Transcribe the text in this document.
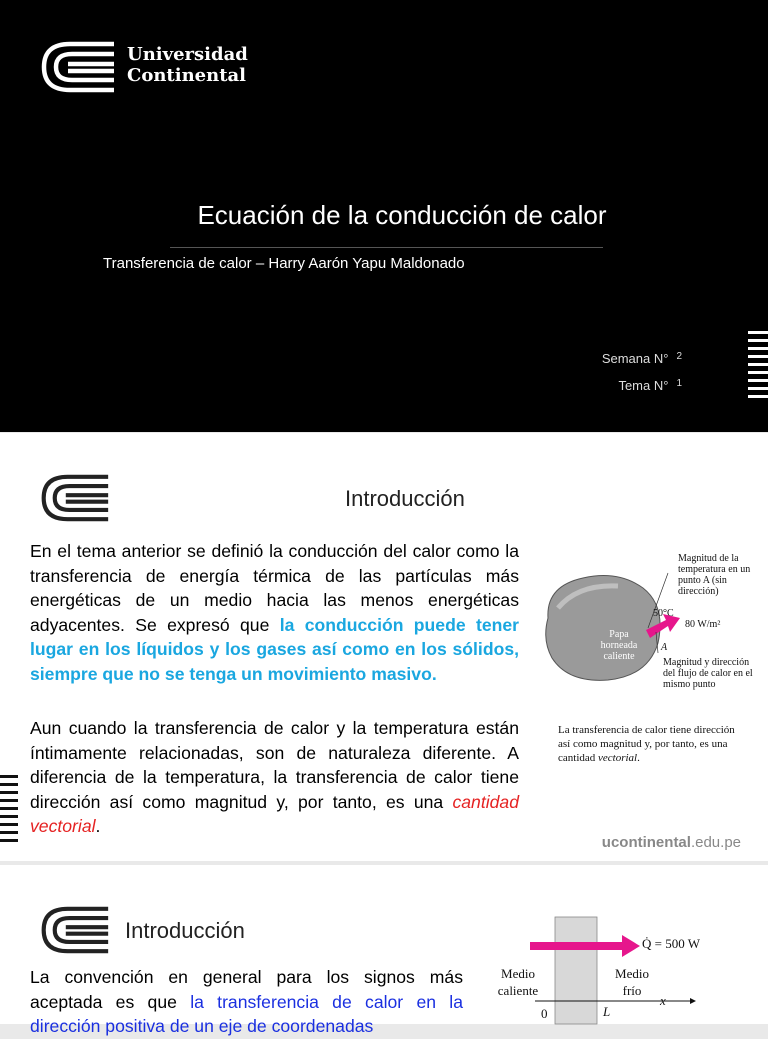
Universidad
Continental
Ecuación de la conducción de calor
Transferencia de calor – Harry Aarón Yapu Maldonado
Semana N° $^2$
Tema N° $^1$
Introducción
En el tema anterior se definió la conducción del calor como la transferencia de energía térmica de las partículas más energéticas de un medio hacia las menos energéticas adyacentes. Se expresó que la conducción puede tener lugar en los líquidos y los gases así como en los sólidos, siempre que no se tenga un movimiento masivo.
Aun cuando la transferencia de calor y la temperatura están íntimamente relacionadas, son de naturaleza diferente. A diferencia de la temperatura, la transferencia de calor tiene dirección así como magnitud y, por tanto, es una cantidad vectorial.
Papa horneada caliente
50°C
A
80 W/m²
Magnitud de la temperatura en un punto A (sin dirección)
Magnitud y dirección del flujo de calor en el mismo punto
La transferencia de calor tiene dirección así como magnitud y, por tanto, es una cantidad vectorial.
ucontinental.edu.pe
Introducción
La convención en general para los signos más aceptada es que la transferencia de calor en la dirección positiva de un eje de coordenadas
Q̇ = 500 W
Medio caliente
Medio frío
x
0	L
